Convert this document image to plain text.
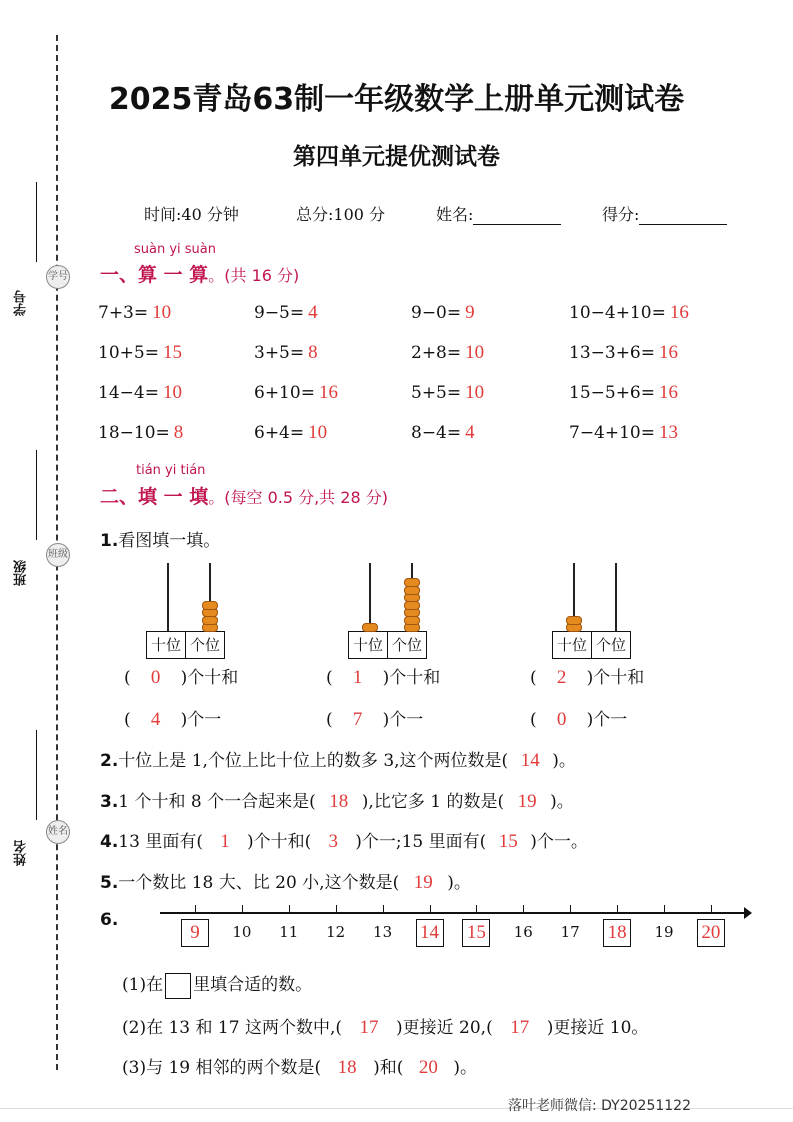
学号
学号
班级
班级
姓名
姓名
2025青岛63制一年级数学上册单元测试卷
第四单元提优测试卷
时间:40 分钟	总分:100 分	姓名:	得分:
suàn yi suàn
一、算 一 算。(共 16 分)
7+3= 10	9−5= 4	9−0= 9	10−4+10= 16
10+5= 15	3+5= 8	2+8= 10	13−3+6= 16
14−4= 10	6+10= 16	5+5= 10	15−5+6= 16
18−10= 8	6+4= 10	8−4= 4	7−4+10= 13
tián yi tián
二、填 一 填。(每空 0.5 分,共 28 分)
1.看图填一填。
十位 个位
( 0 )个十和
( 4 )个一
十位 个位
( 1 )个十和
( 7 )个一
十位 个位
( 2 )个十和
( 0 )个一
2.十位上是 1,个位上比十位上的数多 3,这个两位数是( 14 )。
3.1 个十和 8 个一合起来是( 18 ),比它多 1 的数是( 19 )。
4.13 里面有( 1 )个十和( 3 )个一;15 里面有( 15 )个一。
5.一个数比 18 大、比 20 小,这个数是( 19 )。
6.
9	10	11	12	13 14 15	16	17 18	19 20
(1)在 里填合适的数。
(2)在 13 和 17 这两个数中,( 17 )更接近 20,( 17 )更接近 10。
(3)与 19 相邻的两个数是( 18 )和( 20 )。
落叶老师微信: DY20251122
